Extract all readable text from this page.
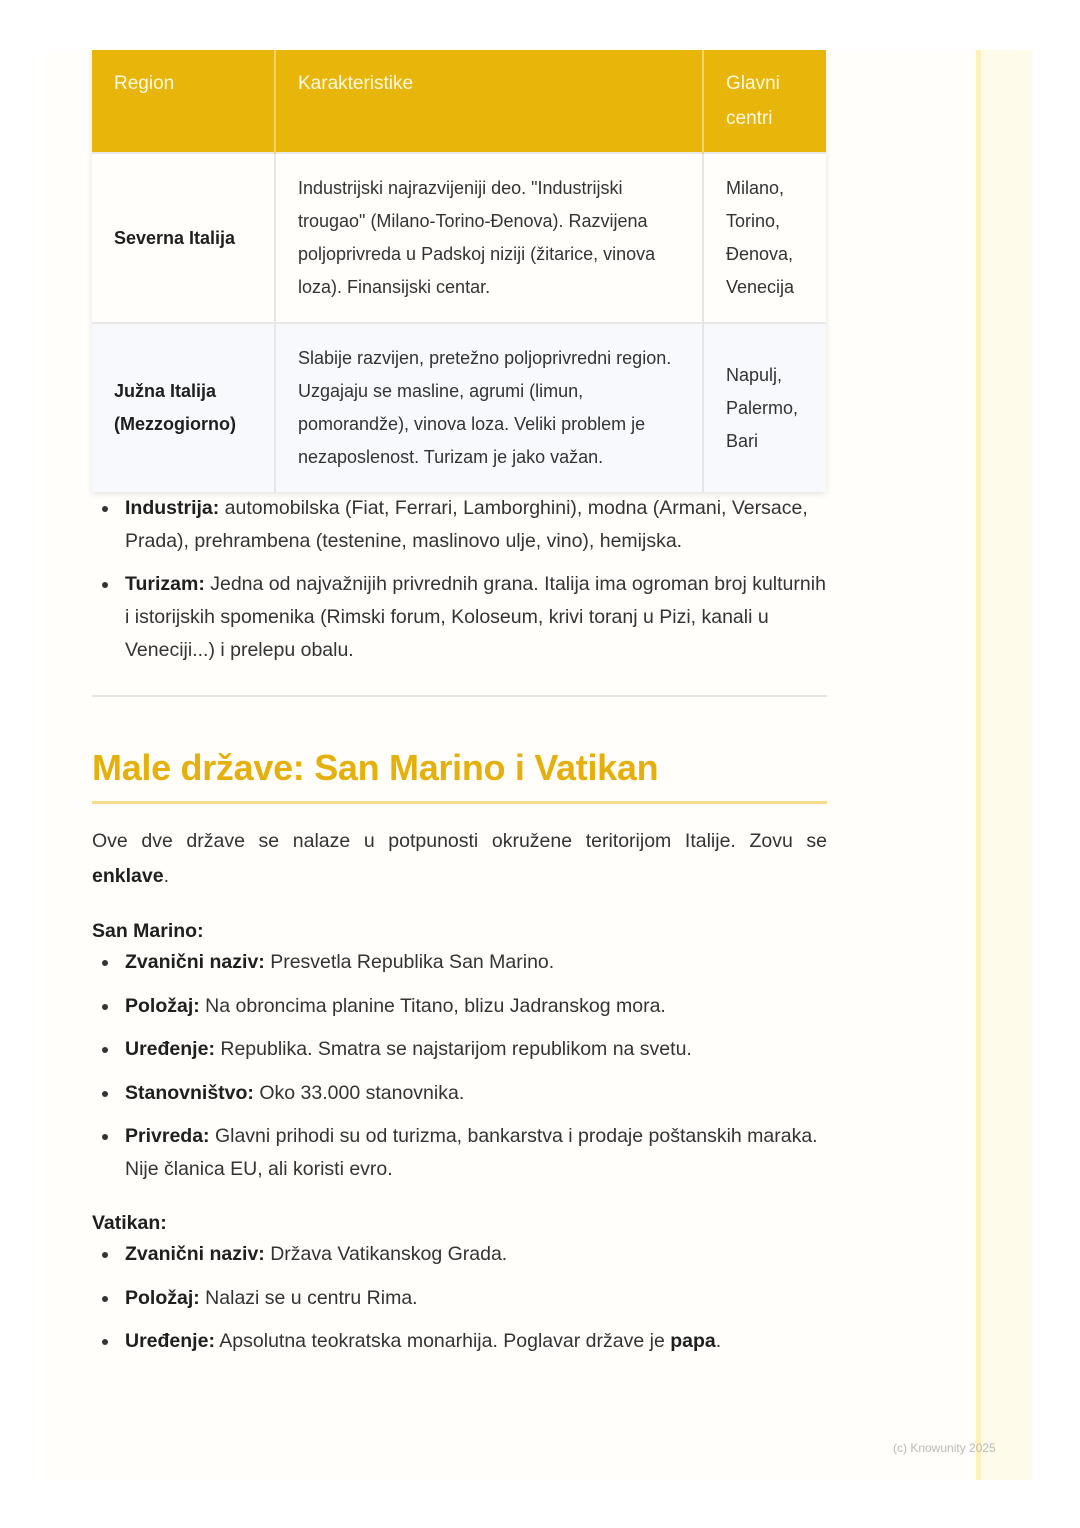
Region	Karakteristike	Glavni centri
Severna Italija	Industrijski najrazvijeniji deo. "Industrijski trougao" (Milano-Torino-Đenova). Razvijena poljoprivreda u Padskoj niziji (žitarice, vinova loza). Finansijski centar.	Milano, Torino, Đenova, Venecija
Južna Italija (Mezzogiorno)	Slabije razvijen, pretežno poljoprivredni region. Uzgajaju se masline, agrumi (limun, pomorandže), vinova loza. Veliki problem je nezaposlenost. Turizam je jako važan.	Napulj, Palermo, Bari
Industrija: automobilska (Fiat, Ferrari, Lamborghini), modna (Armani, Versace, Prada), prehrambena (testenine, maslinovo ulje, vino), hemijska.
Turizam: Jedna od najvažnijih privrednih grana. Italija ima ogroman broj kulturnih i istorijskih spomenika (Rimski forum, Koloseum, krivi toranj u Pizi, kanali u Veneciji...) i prelepu obalu.
Male države: San Marino i Vatikan

Ove dve države se nalaze u potpunosti okružene teritorijom Italije. Zovu se enklave.

San Marino:
Zvanični naziv: Presvetla Republika San Marino.
Položaj: Na obroncima planine Titano, blizu Jadranskog mora.
Uređenje: Republika. Smatra se najstarijom republikom na svetu.
Stanovništvo: Oko 33.000 stanovnika.
Privreda: Glavni prihodi su od turizma, bankarstva i prodaje poštanskih maraka. Nije članica EU, ali koristi evro.
Vatikan:
Zvanični naziv: Država Vatikanskog Grada.
Položaj: Nalazi se u centru Rima.
Uređenje: Apsolutna teokratska monarhija. Poglavar države je papa.
(c) Knowunity 2025
